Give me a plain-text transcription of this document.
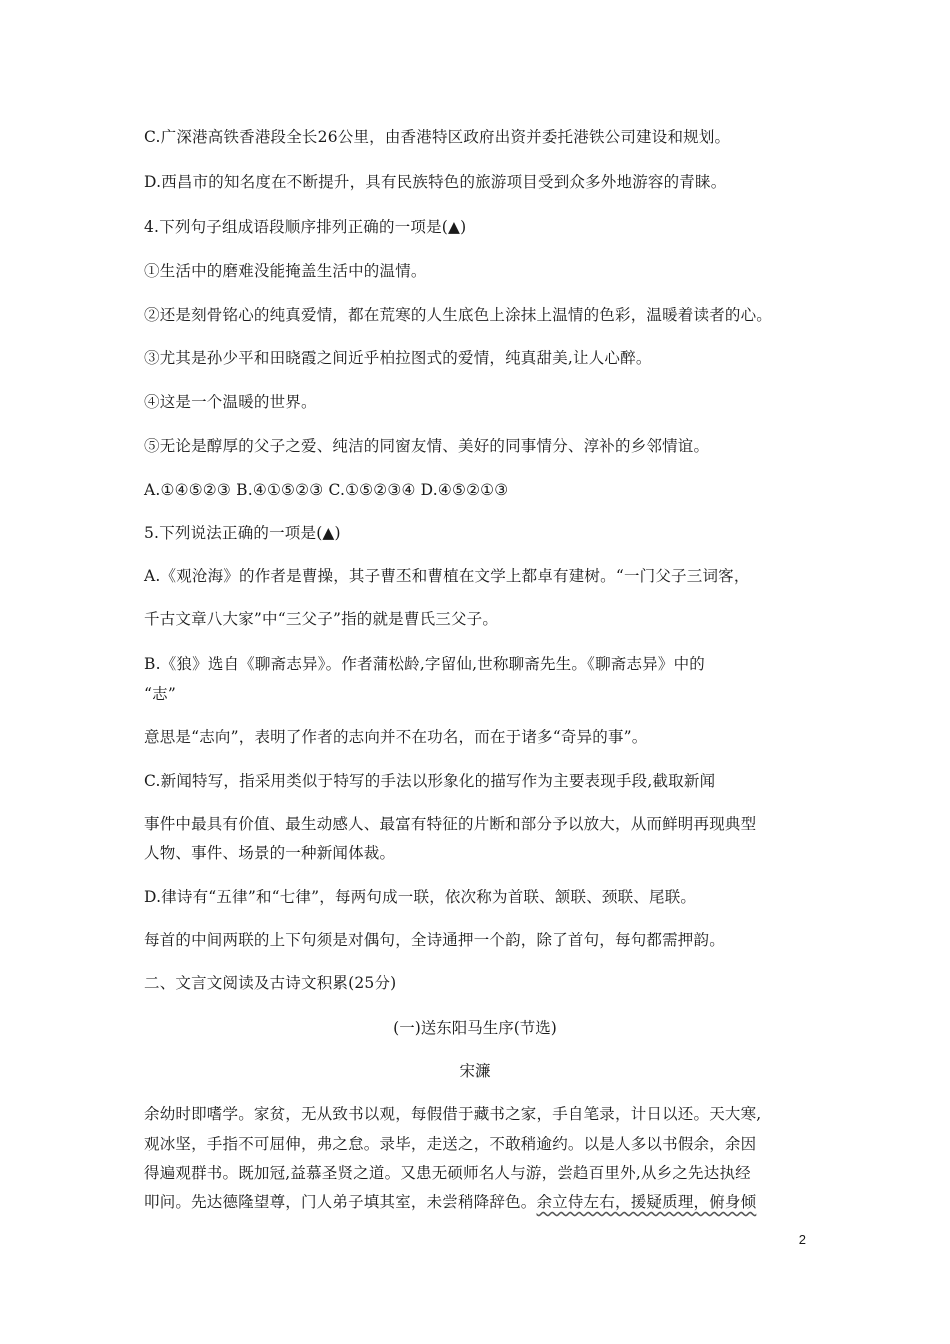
C.广深港高铁香港段全长26公里，由香港特区政府出资并委托港铁公司建设和规划。
D.西昌市的知名度在不断提升，具有民族特色的旅游项目受到众多外地游容的青睐。
4.下列句子组成语段顺序排列正确的一项是(▲)
①生活中的磨难没能掩盖生活中的温情。
②还是刻骨铭心的纯真爱情，都在荒寒的人生底色上涂抹上温情的色彩，温暖着读者的心。
③尤其是孙少平和田晓霞之间近乎柏拉图式的爱情，纯真甜美,让人心醉。
④这是一个温暖的世界。
⑤无论是醇厚的父子之爱、纯洁的同窗友情、美好的同事情分、淳补的乡邻情谊。
A.①④⑤②③ B.④①⑤②③ C.①⑤②③④ D.④⑤②①③
5.下列说法正确的一项是(▲)
A.《观沧海》的作者是曹操，其子曹丕和曹植在文学上都卓有建树。“一门父子三词客，
千古文章八大家”中“三父子”指的就是曹氏三父子。
B.《狼》选自《聊斋志异》。作者蒲松龄,字留仙,世称聊斋先生。《聊斋志异》中的
“志”
意思是“志向”，表明了作者的志向并不在功名，而在于诸多“奇异的事”。
C.新闻特写，指采用类似于特写的手法以形象化的描写作为主要表现手段,截取新闻
事件中最具有价值、最生动感人、最富有特征的片断和部分予以放大，从而鲜明再现典型
人物、事件、场景的一种新闻体裁。
D.律诗有“五律”和“七律”，每两句成一联，依次称为首联、颔联、颈联、尾联。
每首的中间两联的上下句须是对偶句，全诗通押一个韵，除了首句，每句都需押韵。
二、文言文阅读及古诗文积累(25分)
(一)送东阳马生序(节选)
宋濂
余幼时即嗜学。家贫，无从致书以观，每假借于藏书之家，手自笔录，计日以还。天大寒,
观冰坚，手指不可屈伸，弗之怠。录毕，走送之，不敢稍逾约。以是人多以书假余，余因
得遍观群书。既加冠,益慕圣贤之道。又患无硕师名人与游，尝趋百里外,从乡之先达执经
叩问。先达德隆望尊，门人弟子填其室，未尝稍降辞色。余立侍左右，援疑质理，俯身倾
2
